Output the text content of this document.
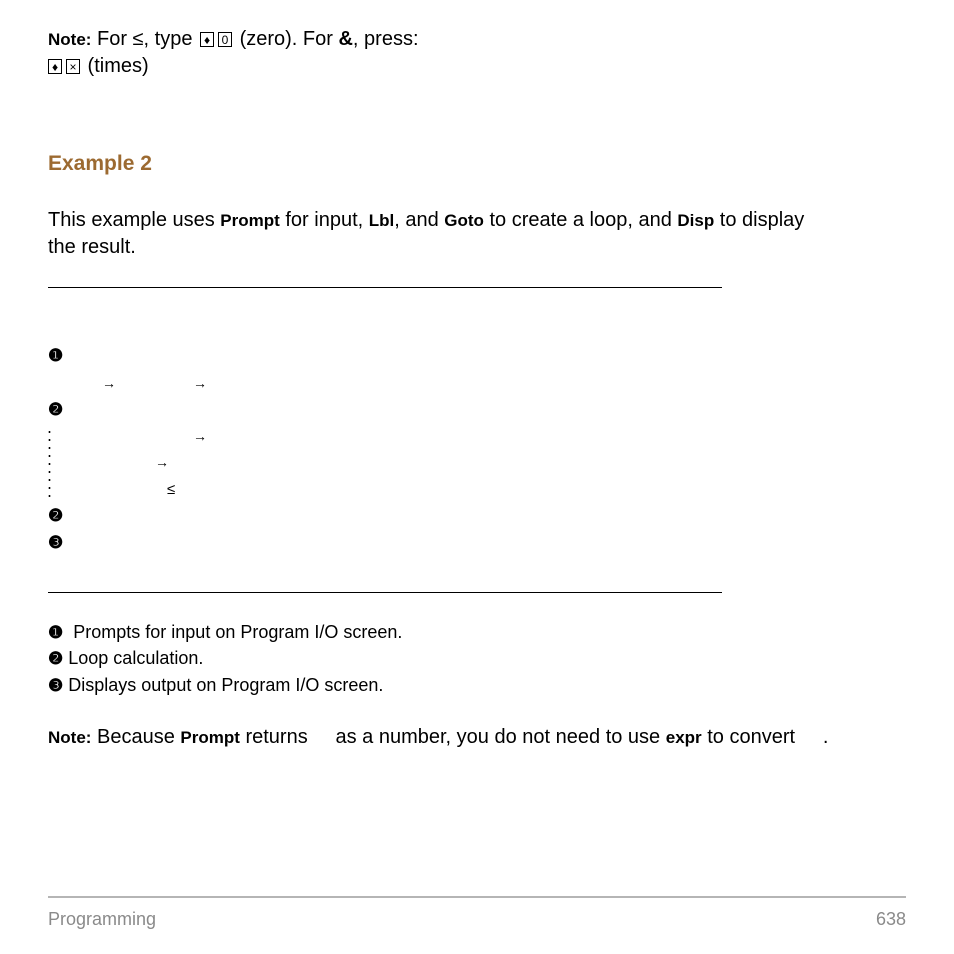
Note: For ≤, type ♦ 0 (zero). For &, press:
♦ × (times)
Example 2
This example uses Prompt for input, Lbl, and Goto to create a loop, and Disp to display
the result.
❶
→	→
❷
→
→
≤
❷
❸
❶ Prompts for input on Program I/O screen.
❷ Loop calculation.
❸ Displays output on Program I/O screen.
Note: Because Prompt returns     as a number, you do not need to use expr to convert     .
Programming	638
